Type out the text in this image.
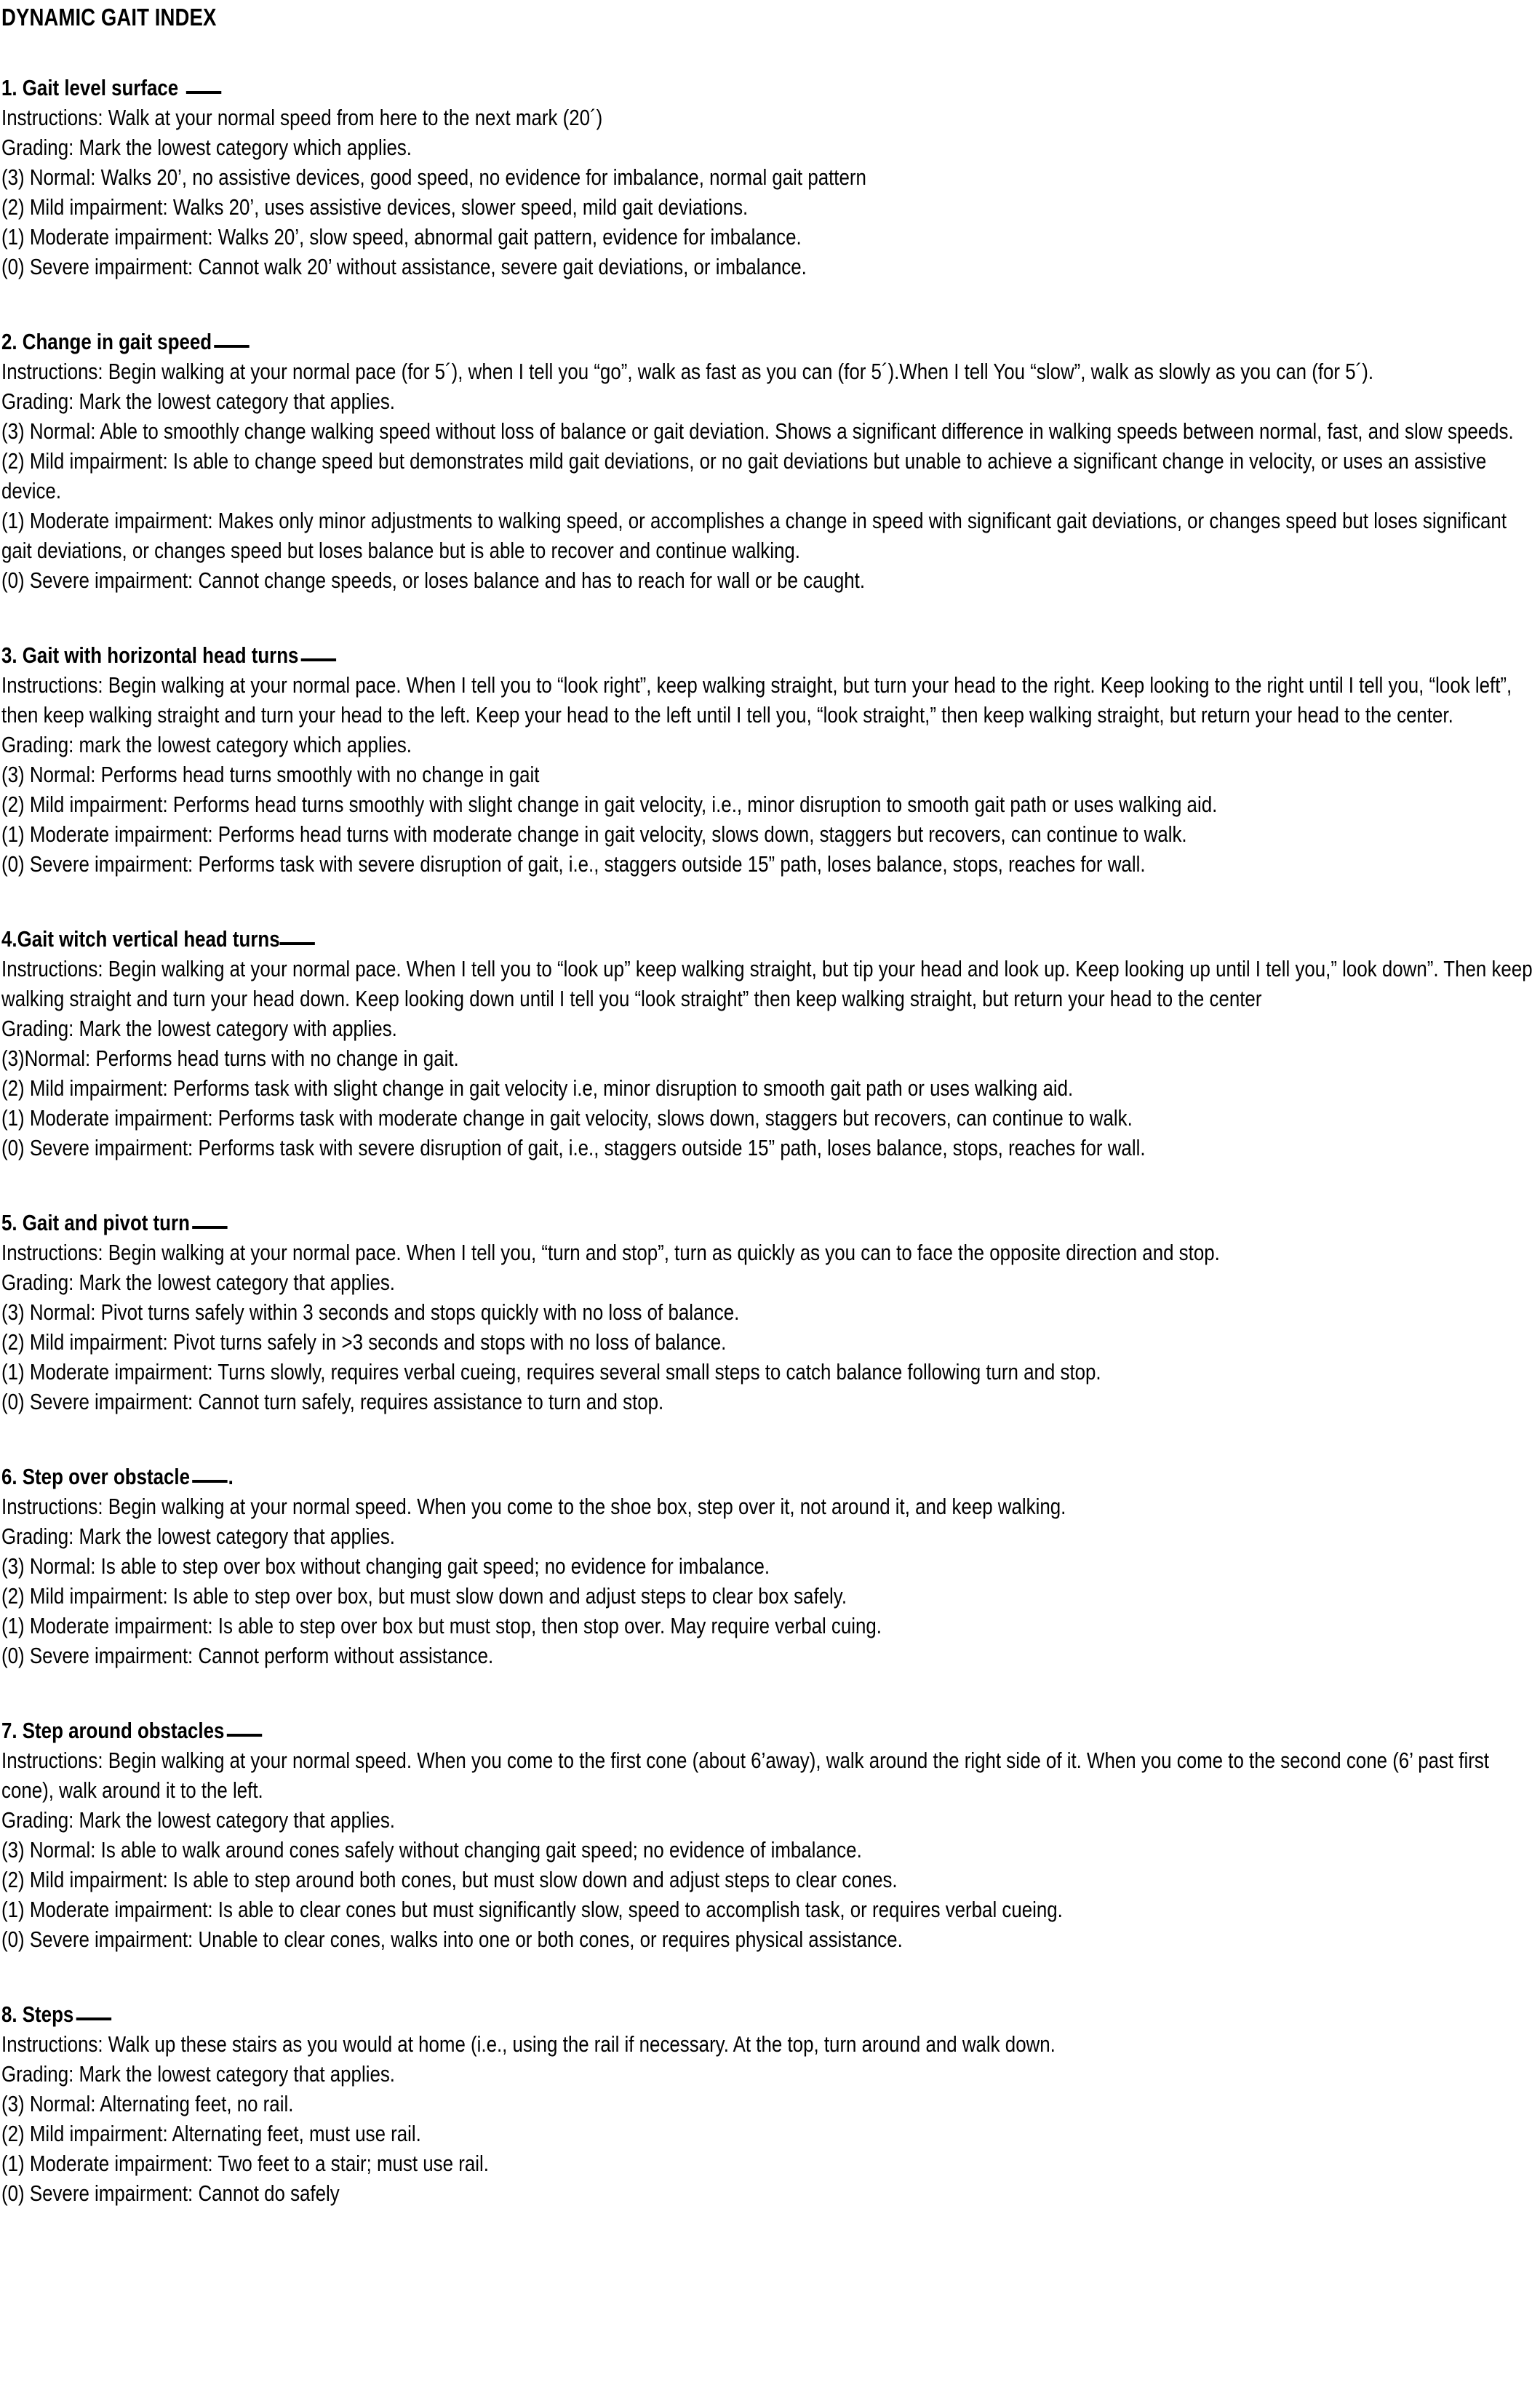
DYNAMIC GAIT INDEX
1. Gait level surface

Instructions: Walk at your normal speed from here to the next mark (20´)

Grading: Mark the lowest category which applies.

(3) Normal: Walks 20’, no assistive devices, good speed, no evidence for imbalance, normal gait pattern

(2) Mild impairment: Walks 20’, uses assistive devices, slower speed, mild gait deviations.

(1) Moderate impairment: Walks 20’, slow speed, abnormal gait pattern, evidence for imbalance.

(0) Severe impairment: Cannot walk 20’ without assistance, severe gait deviations, or imbalance.

2. Change in gait speed

Instructions: Begin walking at your normal pace (for 5´), when I tell you “go”, walk as fast as you can (for 5´).When I tell You “slow”, walk as slowly as you can (for 5´).

Grading: Mark the lowest category that applies.

(3) Normal: Able to smoothly change walking speed without loss of balance or gait deviation. Shows a significant difference in walking speeds between normal, fast, and slow speeds.

(2) Mild impairment: Is able to change speed but demonstrates mild gait deviations, or no gait deviations but unable to achieve a significant change in velocity, or uses an assistive device.

(1) Moderate impairment: Makes only minor adjustments to walking speed, or accomplishes a change in speed with significant gait deviations, or changes speed but loses significant gait deviations, or changes speed but loses balance but is able to recover and continue walking.

(0) Severe impairment: Cannot change speeds, or loses balance and has to reach for wall or be caught.

3. Gait with horizontal head turns

Instructions: Begin walking at your normal pace. When I tell you to “look right”, keep walking straight, but turn your head to the right. Keep looking to the right until I tell you, “look left”, then keep walking straight and turn your head to the left. Keep your head to the left until I tell you, “look straight,” then keep walking straight, but return your head to the center.

Grading: mark the lowest category which applies.

(3) Normal: Performs head turns smoothly with no change in gait

(2) Mild impairment: Performs head turns smoothly with slight change in gait velocity, i.e., minor disruption to smooth gait path or uses walking aid.

(1) Moderate impairment: Performs head turns with moderate change in gait velocity, slows down, staggers but recovers, can continue to walk.

(0) Severe impairment: Performs task with severe disruption of gait, i.e., staggers outside 15” path, loses balance, stops, reaches for wall.

4.Gait witch vertical head turns

Instructions: Begin walking at your normal pace. When I tell you to “look up” keep walking straight, but tip your head and look up. Keep looking up until I tell you,” look down”. Then keep walking straight and turn your head down. Keep looking down until I tell you “look straight” then keep walking straight, but return your head to the center

Grading: Mark the lowest category with applies.

(3)Normal: Performs head turns with no change in gait.

(2) Mild impairment: Performs task with slight change in gait velocity i.e, minor disruption to smooth gait path or uses walking aid.

(1) Moderate impairment: Performs task with moderate change in gait velocity, slows down, staggers but recovers, can continue to walk.

(0) Severe impairment: Performs task with severe disruption of gait, i.e., staggers outside 15” path, loses balance, stops, reaches for wall.

5. Gait and pivot turn

Instructions: Begin walking at your normal pace. When I tell you, “turn and stop”, turn as quickly as you can to face the opposite direction and stop.

Grading: Mark the lowest category that applies.

(3) Normal: Pivot turns safely within 3 seconds and stops quickly with no loss of balance.

(2) Mild impairment: Pivot turns safely in >3 seconds and stops with no loss of balance.

(1) Moderate impairment: Turns slowly, requires verbal cueing, requires several small steps to catch balance following turn and stop.

(0) Severe impairment: Cannot turn safely, requires assistance to turn and stop.

6. Step over obstacle .

Instructions: Begin walking at your normal speed. When you come to the shoe box, step over it, not around it, and keep walking.

Grading: Mark the lowest category that applies.

(3) Normal: Is able to step over box without changing gait speed; no evidence for imbalance.

(2) Mild impairment: Is able to step over box, but must slow down and adjust steps to clear box safely.

(1) Moderate impairment: Is able to step over box but must stop, then stop over. May require verbal cuing.

(0) Severe impairment: Cannot perform without assistance.

7. Step around obstacles

Instructions: Begin walking at your normal speed. When you come to the first cone (about 6’away), walk around the right side of it. When you come to the second cone (6’ past first cone), walk around it to the left.

Grading: Mark the lowest category that applies.

(3) Normal: Is able to walk around cones safely without changing gait speed; no evidence of imbalance.

(2) Mild impairment: Is able to step around both cones, but must slow down and adjust steps to clear cones.

(1) Moderate impairment: Is able to clear cones but must significantly slow, speed to accomplish task, or requires verbal cueing.

(0) Severe impairment: Unable to clear cones, walks into one or both cones, or requires physical assistance.

8. Steps

Instructions: Walk up these stairs as you would at home (i.e., using the rail if necessary. At the top, turn around and walk down.

Grading: Mark the lowest category that applies.

(3) Normal: Alternating feet, no rail.

(2) Mild impairment: Alternating feet, must use rail.

(1) Moderate impairment: Two feet to a stair; must use rail.

(0) Severe impairment: Cannot do safely
